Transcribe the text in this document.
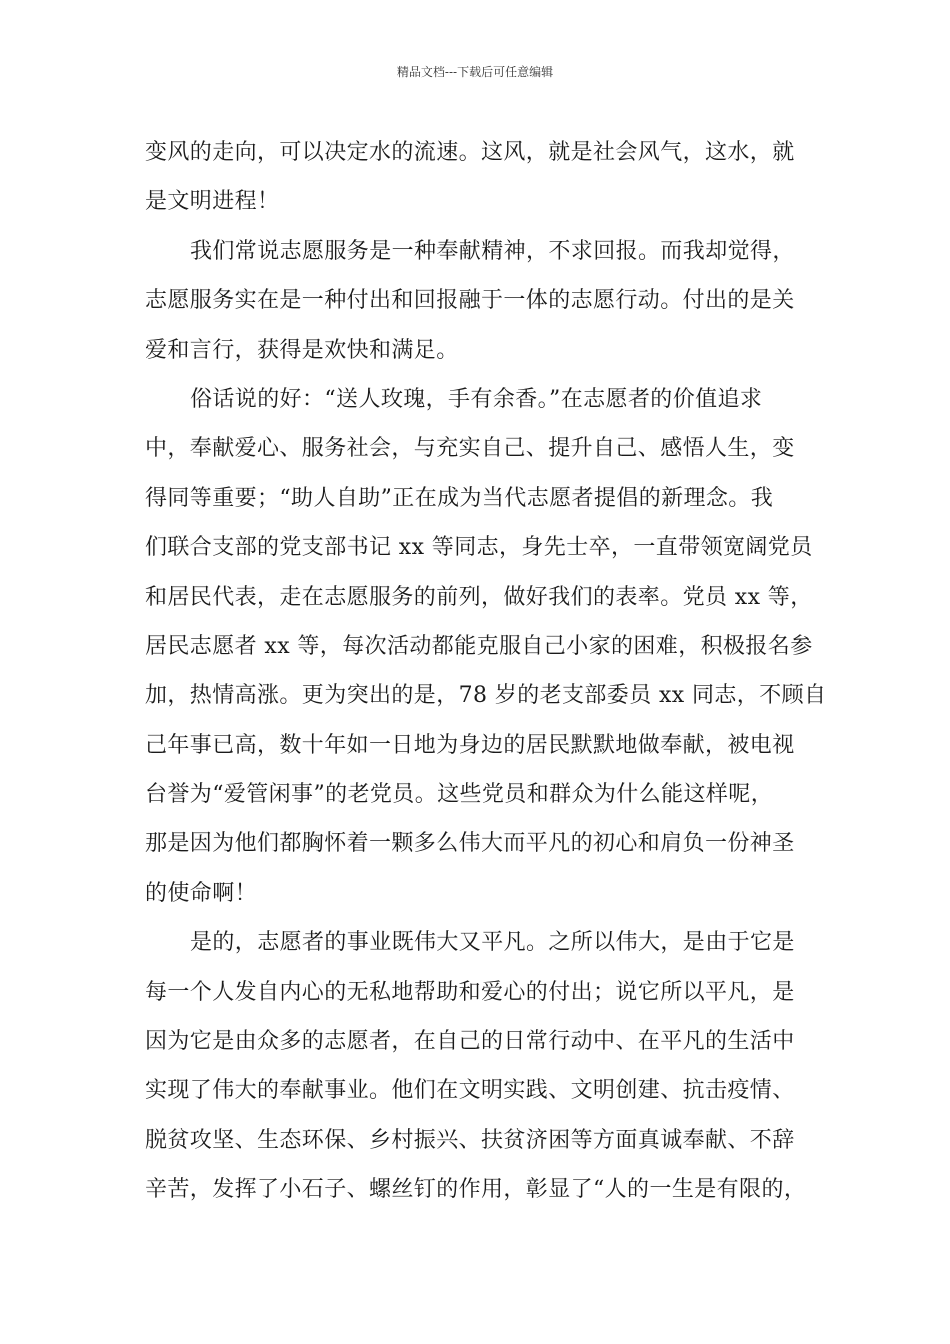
精品文档---下载后可任意编辑
变风的走向，可以决定水的流速。这风，就是社会风气，这水，就
是文明进程！
我们常说志愿服务是一种奉献精神，不求回报。而我却觉得，
志愿服务实在是一种付出和回报融于一体的志愿行动。付出的是关
爱和言行，获得是欢快和满足。
俗话说的好：“送人玫瑰，手有余香。”在志愿者的价值追求
中，奉献爱心、服务社会，与充实自己、提升自己、感悟人生，变
得同等重要；“助人自助”正在成为当代志愿者提倡的新理念。我
们联合支部的党支部书记 xx 等同志，身先士卒，一直带领宽阔党员
和居民代表，走在志愿服务的前列，做好我们的表率。党员 xx 等，
居民志愿者 xx 等，每次活动都能克服自己小家的困难，积极报名参
加，热情高涨。更为突出的是，78 岁的老支部委员 xx 同志，不顾自
己年事已高，数十年如一日地为身边的居民默默地做奉献，被电视
台誉为“爱管闲事”的老党员。这些党员和群众为什么能这样呢，
那是因为他们都胸怀着一颗多么伟大而平凡的初心和肩负一份神圣
的使命啊！
是的，志愿者的事业既伟大又平凡。之所以伟大，是由于它是
每一个人发自内心的无私地帮助和爱心的付出；说它所以平凡，是
因为它是由众多的志愿者，在自己的日常行动中、在平凡的生活中
实现了伟大的奉献事业。他们在文明实践、文明创建、抗击疫情、
脱贫攻坚、生态环保、乡村振兴、扶贫济困等方面真诚奉献、不辞
辛苦，发挥了小石子、螺丝钉的作用，彰显了“人的一生是有限的，
